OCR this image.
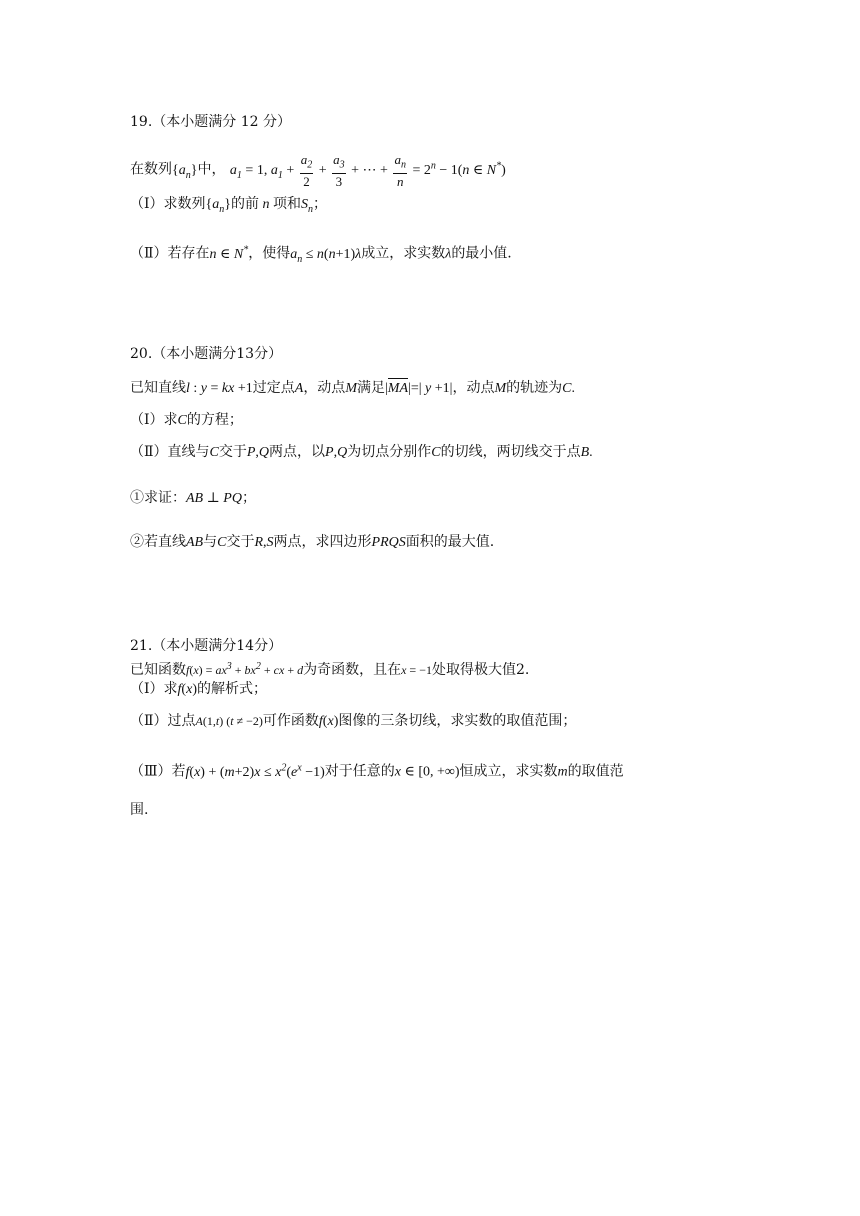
19.（本小题满分 12 分）
在数列$\{a_n\}$中， $a_1 = 1$, $a_1 + \frac{a_2}{2} + \frac{a_3}{3}$ + ⋯ + $\frac{a_n}{n} = 2^n - 1(n$ ∈ N*)
（Ⅰ）求数列$\{a_n\}$的前 n 项和$S_n$；
（Ⅱ）若存在n ∈ N*，使得$a_n \le n(n+1)\lambda$成立，求实数λ的最小值.
20.（本小题满分13分）
已知直线l : y = kx +1过定点A，动点M满足|MA|=| y +1|，动点M的轨迹为C.
（Ⅰ）求C的方程；
（Ⅱ）直线与C交于P,Q两点，以P,Q为切点分别作C的切线，两切线交于点B.
①求证：AB ⊥ PQ；
②若直线AB与C交于R,S两点，求四边形PRQS面积的最大值.
21.（本小题满分14分）
已知函数$f(x) = ax^3 + bx^2$ + cx + d为奇函数，且在x = −1处取得极大值2.
（Ⅰ）求f(x)的解析式；
（Ⅱ）过点A(1,t) (t ≠ −2)可作函数f(x)图像的三条切线，求实数的取值范围；
（Ⅲ）若$f(x) + (m+2)x \le x^2(e^x -1)$对于任意的x ∈ [0, +∞)恒成立，求实数m的取值范
围.
